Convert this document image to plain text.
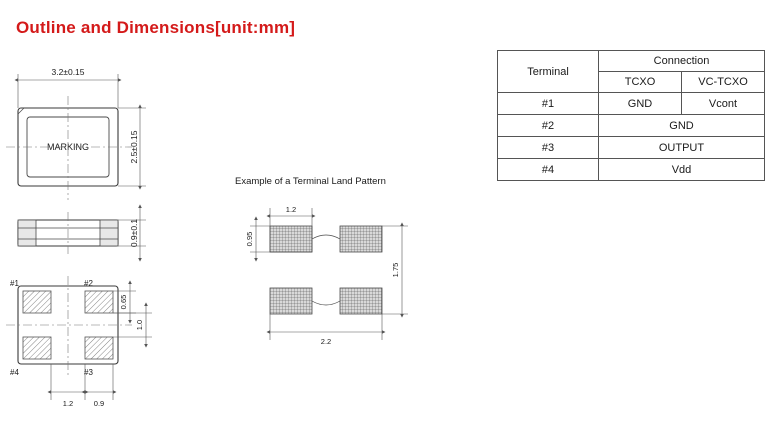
Outline and Dimensions[unit:mm]
3.2±0.15
MARKING	2.5±0.15
0.9±0.1
#1	#2
#3
#4
0.65
1.0
1.2	0.9
Example of a Terminal Land Pattern
1.2
0.95
1.75
2.2
Terminal	Connection	
	TCXO	VC-TCXO
#1	GND	Vcont
#2	GND	
#3	OUTPUT	
#4	Vdd	
